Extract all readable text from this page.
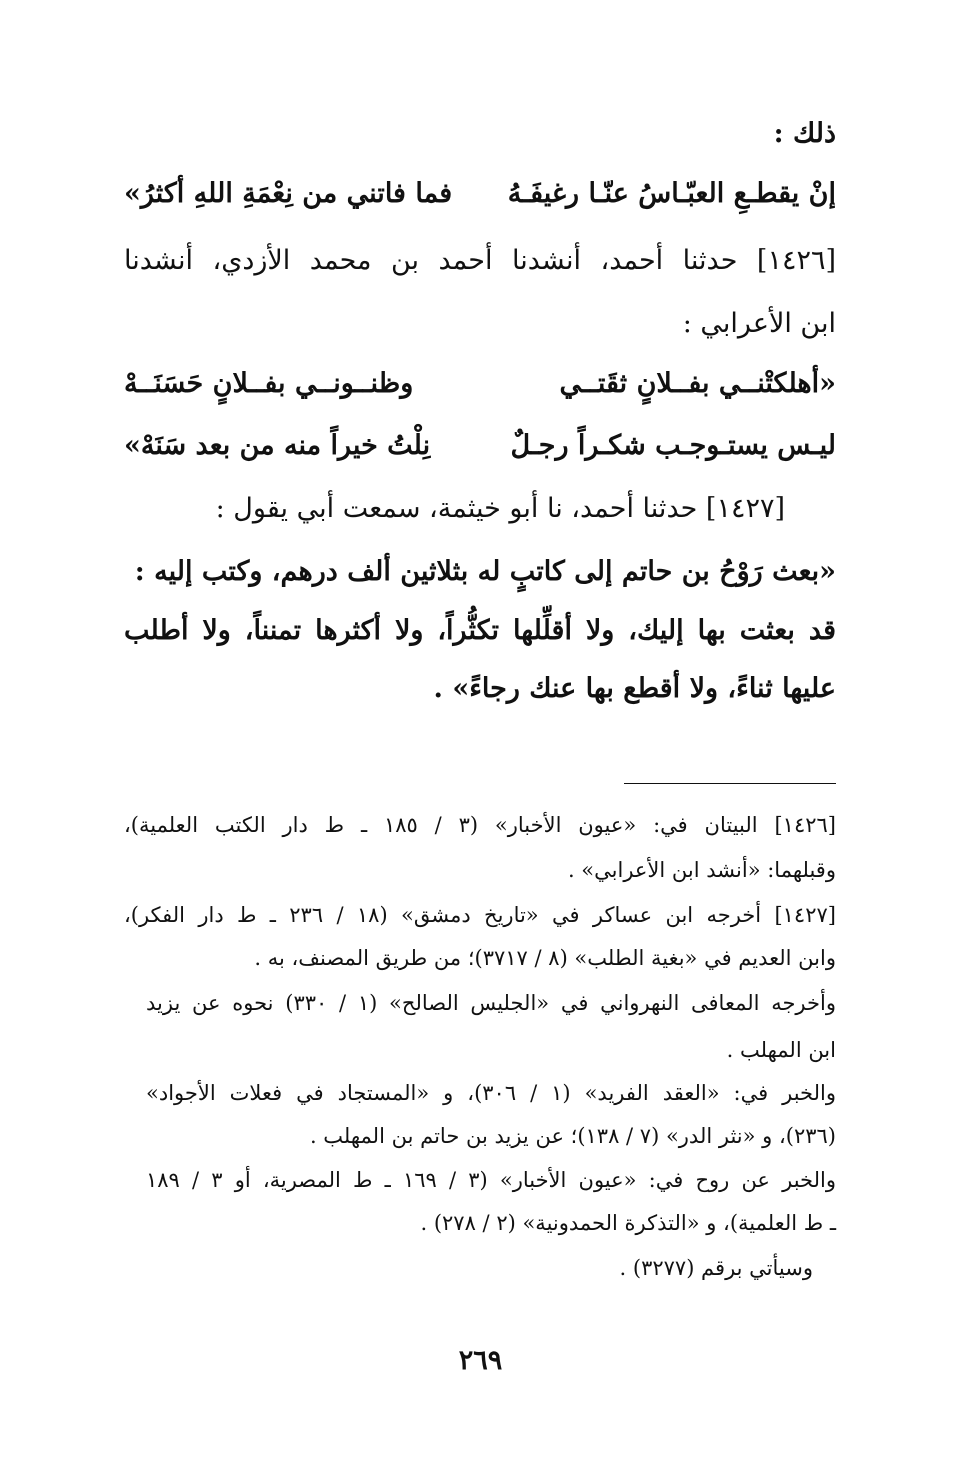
ذلك :
إنْ يقطـعِ العبّـاسُ عنّـا رغيفَـهُ
فما فاتني من نِعْمَةِ اللهِ أكثرُ»
[١٤٢٦] حدثنا أحمد، أنشدنا أحمد بن محمد الأزدي، أنشدنا
ابن الأعرابي :
«أهلكتْنــي بفــلانٍ ثقَتــي
وظنــونــي بفــلانٍ حَسَنَــهْ
ليـس يستـوجـب شكـراً رجـلٌ
نِلْتُ خيراً منه من بعد سَنَهْ»
[١٤٢٧] حدثنا أحمد، نا أبو خيثمة، سمعت أبي يقول :
«بعث رَوْحُ بن حاتم إلى كاتبٍ له بثلاثين ألف درهم، وكتب إليه :
قد بعثت بها إليك، ولا أقلِّلها تكثُّراً، ولا أكثرها تمنناً، ولا أطلب
عليها ثناءً، ولا أقطع بها عنك رجاءً» .
[١٤٢٦] البيتان في: «عيون الأخبار» (٣ / ١٨٥ ـ ط دار الكتب العلمية)،
وقبلهما: «أنشد ابن الأعرابي» .
[١٤٢٧] أخرجه ابن عساكر في «تاريخ دمشق» (١٨ / ٢٣٦ ـ ط دار الفكر)،
وابن العديم في «بغية الطلب» (٨ / ٣٧١٧)؛ من طريق المصنف، به .
وأخرجه المعافى النهرواني في «الجليس الصالح» (١ / ٣٣٠) نحوه عن يزيد
ابن المهلب .
والخبر في: «العقد الفريد» (١ / ٣٠٦)، و «المستجاد في فعلات الأجواد»
(٢٣٦)، و «نثر الدر» (٧ / ١٣٨)؛ عن يزيد بن حاتم بن المهلب .
والخبر عن روح في: «عيون الأخبار» (٣ / ١٦٩ ـ ط المصرية، أو ٣ / ١٨٩
ـ ط العلمية)، و «التذكرة الحمدونية» (٢ / ٢٧٨) .
وسيأتي برقم (٣٢٧٧) .
٢٦٩
